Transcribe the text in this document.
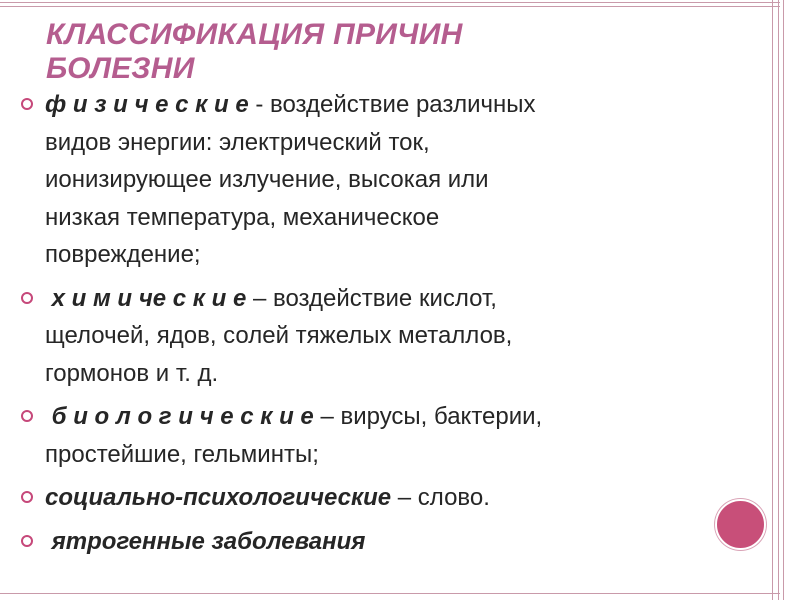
КЛАССИФИКАЦИЯ ПРИЧИН
БОЛЕЗНИ
ф и з и ч е с к и е - воздействие различных
видов энергии: электрический ток,
ионизирующее излучение, высокая или
низкая температура, механическое
повреждение;
х и м и че с к и е – воздействие кислот,
щелочей, ядов, солей тяжелых металлов,
гормонов и т. д.
б и о л о г и ч е с к и е – вирусы, бактерии,
простейшие, гельминты;
социально-психологические – слово.
ятрогенные заболевания
